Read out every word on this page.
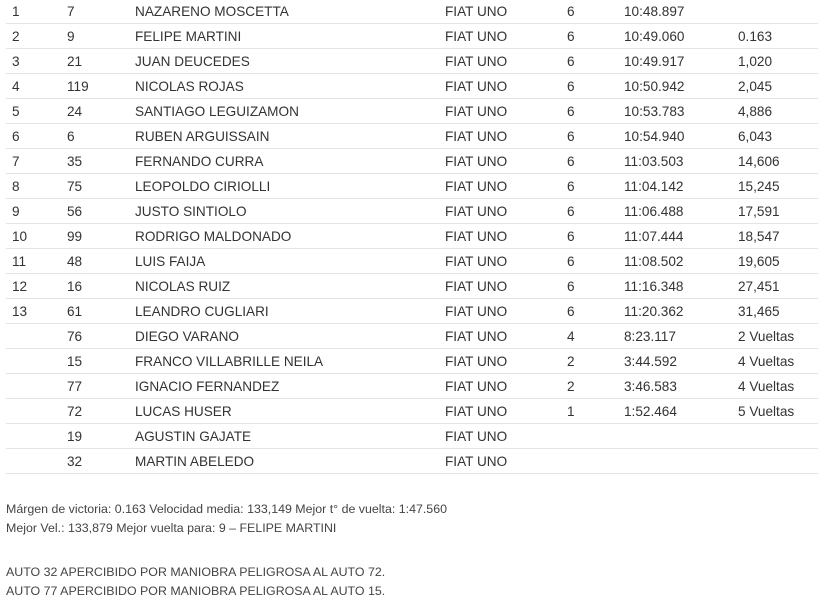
1	7	NAZARENO MOSCETTA	FIAT UNO	6	10:48.897	
2	9	FELIPE MARTINI	FIAT UNO	6	10:49.060	0.163
3	21	JUAN DEUCEDES	FIAT UNO	6	10:49.917	1,020
4	119	NICOLAS ROJAS	FIAT UNO	6	10:50.942	2,045
5	24	SANTIAGO LEGUIZAMON	FIAT UNO	6	10:53.783	4,886
6	6	RUBEN ARGUISSAIN	FIAT UNO	6	10:54.940	6,043
7	35	FERNANDO CURRA	FIAT UNO	6	11:03.503	14,606
8	75	LEOPOLDO CIRIOLLI	FIAT UNO	6	11:04.142	15,245
9	56	JUSTO SINTIOLO	FIAT UNO	6	11:06.488	17,591
10	99	RODRIGO MALDONADO	FIAT UNO	6	11:07.444	18,547
11	48	LUIS FAIJA	FIAT UNO	6	11:08.502	19,605
12	16	NICOLAS RUIZ	FIAT UNO	6	11:16.348	27,451
13	61	LEANDRO CUGLIARI	FIAT UNO	6	11:20.362	31,465
	76	DIEGO VARANO	FIAT UNO	4	8:23.117	2 Vueltas
	15	FRANCO VILLABRILLE NEILA	FIAT UNO	2	3:44.592	4 Vueltas
	77	IGNACIO FERNANDEZ	FIAT UNO	2	3:46.583	4 Vueltas
	72	LUCAS HUSER	FIAT UNO	1	1:52.464	5 Vueltas
	19	AGUSTIN GAJATE	FIAT UNO			
	32	MARTIN ABELEDO	FIAT UNO			
Márgen de victoria: 0.163 Velocidad media: 133,149 Mejor t° de vuelta: 1:47.560
Mejor Vel.: 133,879 Mejor vuelta para: 9 – FELIPE MARTINI
AUTO 32 APERCIBIDO POR MANIOBRA PELIGROSA AL AUTO 72.
AUTO 77 APERCIBIDO POR MANIOBRA PELIGROSA AL AUTO 15.
